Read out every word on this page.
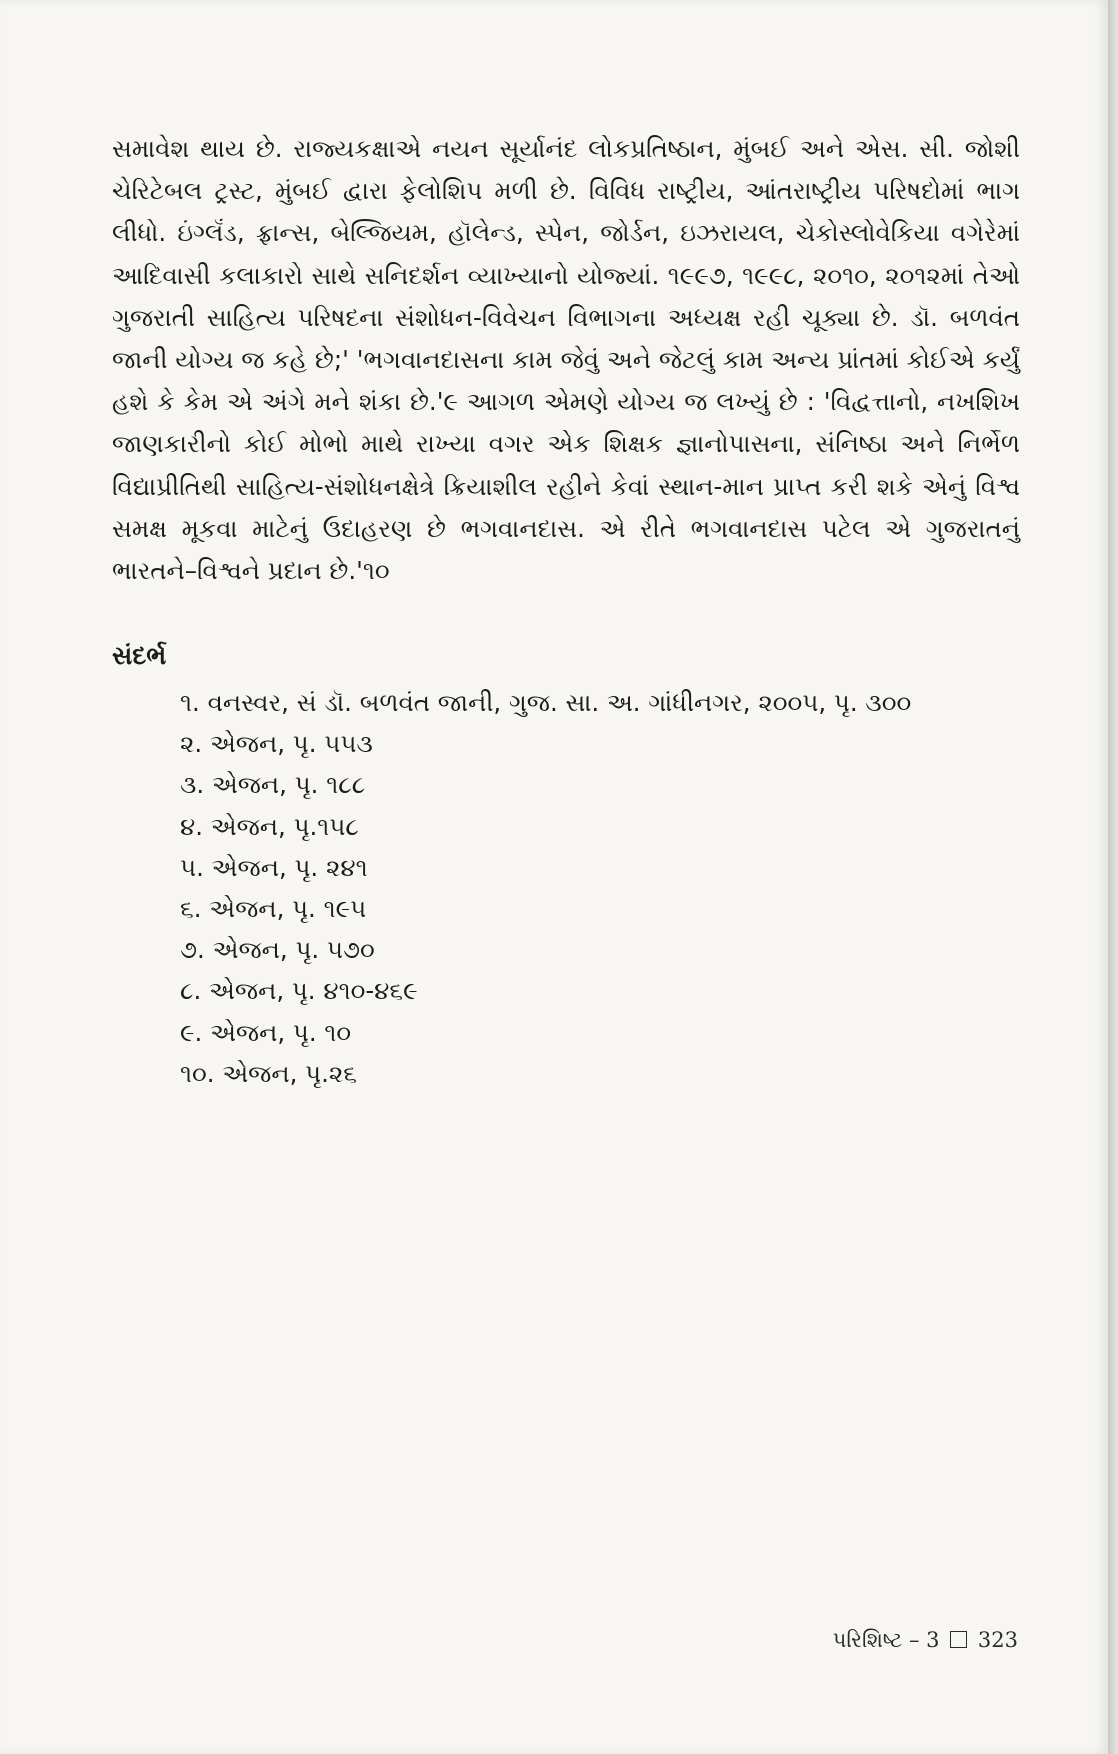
સમાવેશ થાય છે. રાજ્યકક્ષાએ નયન સૂર્યાનંદ લોકપ્રતિષ્ઠાન, મુંબઈ અને એસ. સી. જોશી ચેરિટેબલ ટ્રસ્ટ, મુંબઈ દ્વારા ફેલોશિપ મળી છે. વિવિધ રાષ્ટ્રીય, આંતરાષ્ટ્રીય પરિષદોમાં ભાગ લીધો. ઇંગ્લૅંડ, ફ્રાન્સ, બેલ્જિયમ, હૉલેન્ડ, સ્પેન, જોર્ડન, ઇઝરાયલ, ચેકોસ્લોવેકિયા વગેરેમાં આદિવાસી કલાકારો સાથે સનિદર્શન વ્યાખ્યાનો યોજ્યાં. ૧૯૯૭, ૧૯૯૮, ૨૦૧૦, ૨૦૧૨માં તેઓ ગુજરાતી સાહિત્ય પરિષદના સંશોધન-વિવેચન વિભાગના અધ્યક્ષ રહી ચૂક્યા છે. ડૉ. બળવંત જાની યોગ્ય જ કહે છે;' 'ભગવાનદાસના કામ જેવું અને જેટલું કામ અન્ય પ્રાંતમાં કોઈએ કર્યું હશે કે કેમ એ અંગે મને શંકા છે.'૯ આગળ એમણે યોગ્ય જ લખ્યું છે : 'વિદ્વત્તાનો, નખશિખ જાણકારીનો કોઈ મોભો માથે રાખ્યા વગર એક શિક્ષક જ્ઞાનોપાસના, સંનિષ્ઠા અને નિર્ભેળ વિદ્યાપ્રીતિથી સાહિત્ય-સંશોધનક્ષેત્રે ક્રિયાશીલ રહીને કેવાં સ્થાન-માન પ્રાપ્ત કરી શકે એનું વિશ્વ સમક્ષ મૂકવા માટેનું ઉદાહરણ છે ભગવાનદાસ. એ રીતે ભગવાનદાસ પટેલ એ ગુજરાતનું ભારતને–વિશ્વને પ્રદાન છે.'૧૦

સંદર્ભ
૧. વનસ્વર, સં ડૉ. બળવંત જાની, ગુજ. સા. અ. ગાંધીનગર, ૨૦૦૫, પૃ. ૩૦૦
૨. એજન, પૃ. ૫૫૩
૩. એજન, પૃ. ૧૮૮
૪. એજન, પૃ.૧૫૮
૫. એજન, પૃ. ૨૪૧
૬. એજન, પૃ. ૧૯૫
૭. એજન, પૃ. ૫૭૦
૮. એજન, પૃ. ૪૧૦-૪૬૯
૯. એજન, પૃ. ૧૦
૧૦. એજન, પૃ.૨૬
પરિશિષ્ટ – 3 323
